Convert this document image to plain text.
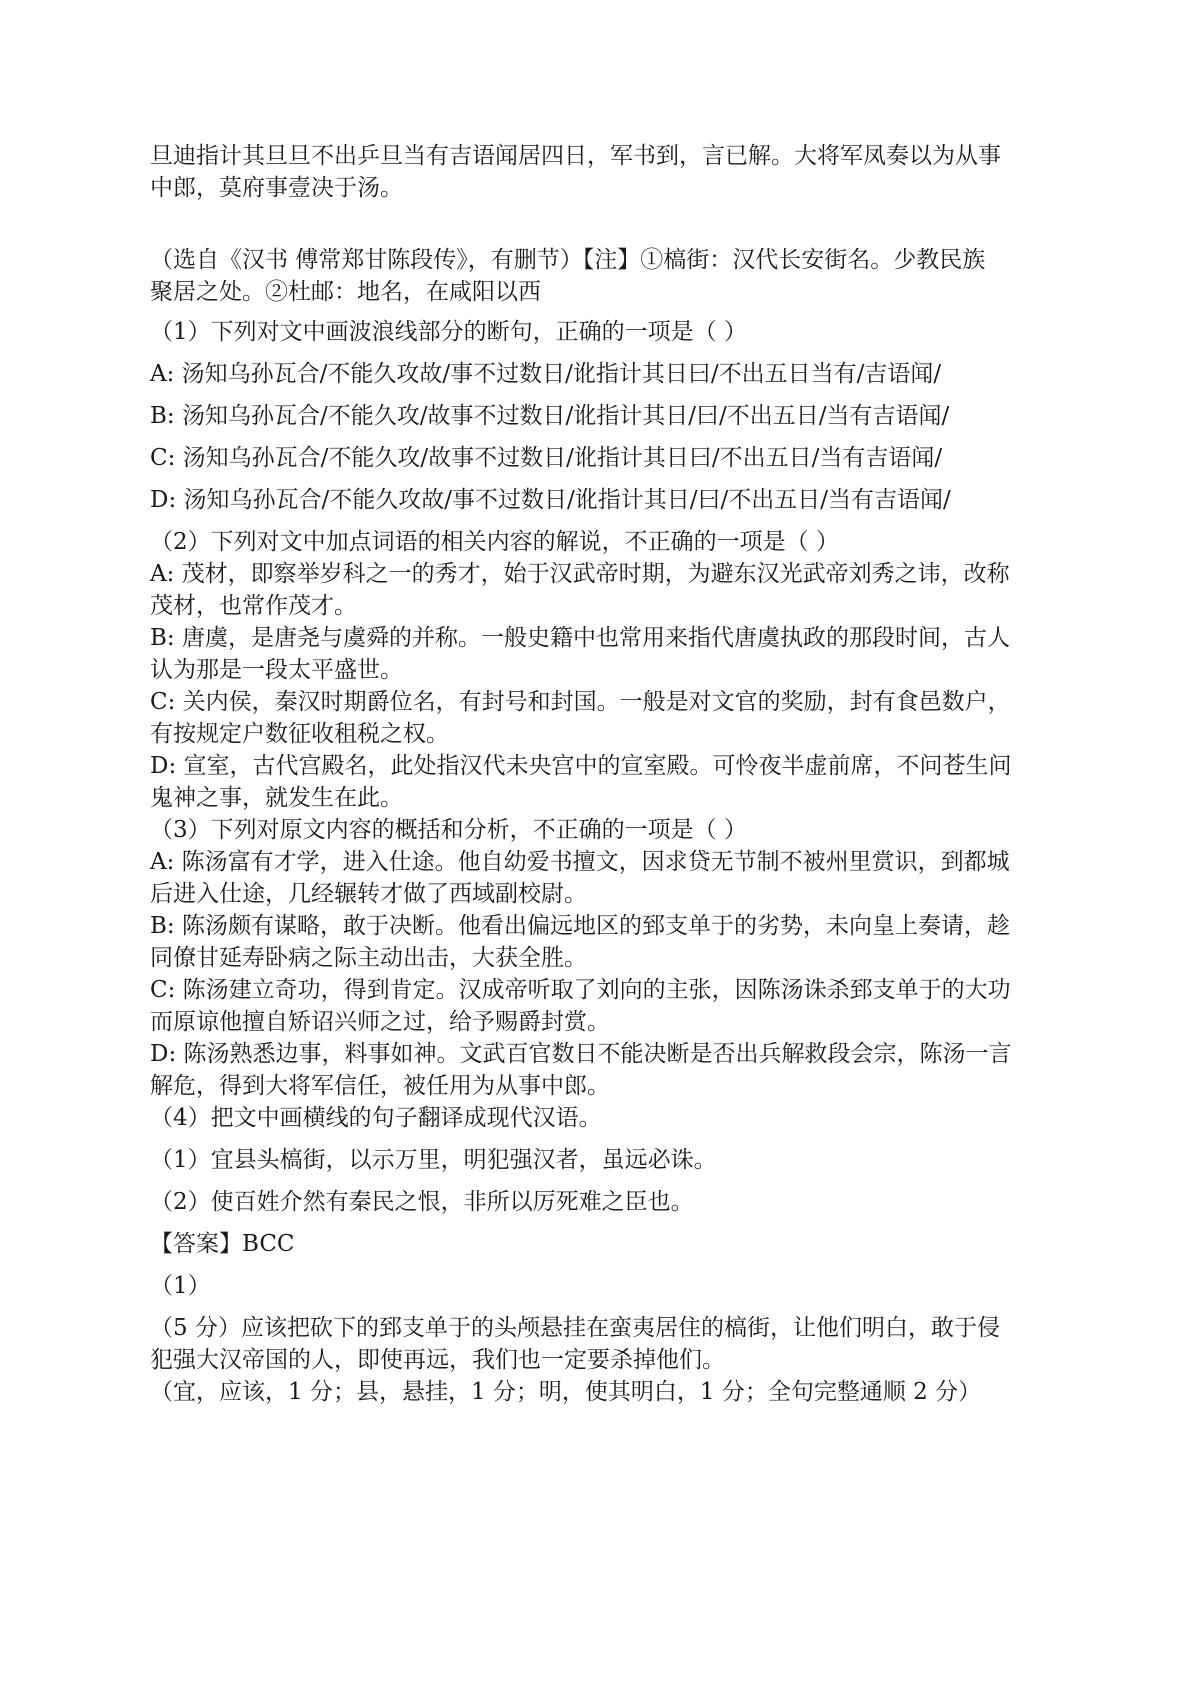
旦迪指计其旦旦不出乒旦当有吉语闻居四日，军书到，言已解。大将军凤奏以为从事

中郎，莫府事壹决于汤。

（选自《汉书 傅常郑甘陈段传》，有删节）【注】①槁街：汉代长安街名。少教民族

聚居之处。②杜邮：地名，在咸阳以西

（1）下列对文中画波浪线部分的断句，正确的一项是（ ）

A: 汤知乌孙瓦合/不能久攻故/事不过数日/讹指计其日曰/不出五日当有/吉语闻/

B: 汤知乌孙瓦合/不能久攻/故事不过数日/讹指计其日/曰/不出五日/当有吉语闻/

C: 汤知乌孙瓦合/不能久攻/故事不过数日/讹指计其日曰/不出五日/当有吉语闻/

D: 汤知乌孙瓦合/不能久攻故/事不过数日/讹指计其日/曰/不出五日/当有吉语闻/

（2）下列对文中加点词语的相关内容的解说，不正确的一项是（ ）

A: 茂材，即察举岁科之一的秀才，始于汉武帝时期，为避东汉光武帝刘秀之讳，改称

茂材，也常作茂才。

B: 唐虞，是唐尧与虞舜的并称。一般史籍中也常用来指代唐虞执政的那段时间，古人

认为那是一段太平盛世。

C: 关内侯，秦汉时期爵位名，有封号和封国。一般是对文官的奖励，封有食邑数户，

有按规定户数征收租税之权。

D: 宣室，古代宫殿名，此处指汉代未央宫中的宣室殿。可怜夜半虚前席，不问苍生问

鬼神之事，就发生在此。

（3）下列对原文内容的概括和分析，不正确的一项是（ ）

A: 陈汤富有才学，进入仕途。他自幼爱书擅文，因求贷无节制不被州里赏识，到都城

后进入仕途，几经辗转才做了西域副校尉。

B: 陈汤颇有谋略，敢于决断。他看出偏远地区的郅支单于的劣势，未向皇上奏请，趁

同僚甘延寿卧病之际主动出击，大获全胜。

C: 陈汤建立奇功，得到肯定。汉成帝听取了刘向的主张，因陈汤诛杀郅支单于的大功

而原谅他擅自矫诏兴师之过，给予赐爵封赏。

D: 陈汤熟悉边事，料事如神。文武百官数日不能决断是否出兵解救段会宗，陈汤一言

解危，得到大将军信任，被任用为从事中郎。

（4）把文中画横线的句子翻译成现代汉语。

（1）宜县头槁街，以示万里，明犯强汉者，虽远必诛。

（2）使百姓介然有秦民之恨，非所以厉死难之臣也。

【答案】BCC

（1）

（5 分）应该把砍下的郅支单于的头颅悬挂在蛮夷居住的槁街，让他们明白，敢于侵

犯强大汉帝国的人，即使再远，我们也一定要杀掉他们。

（宜，应该，1 分；县，悬挂，1 分；明，使其明白，1 分；全句完整通顺 2 分）
